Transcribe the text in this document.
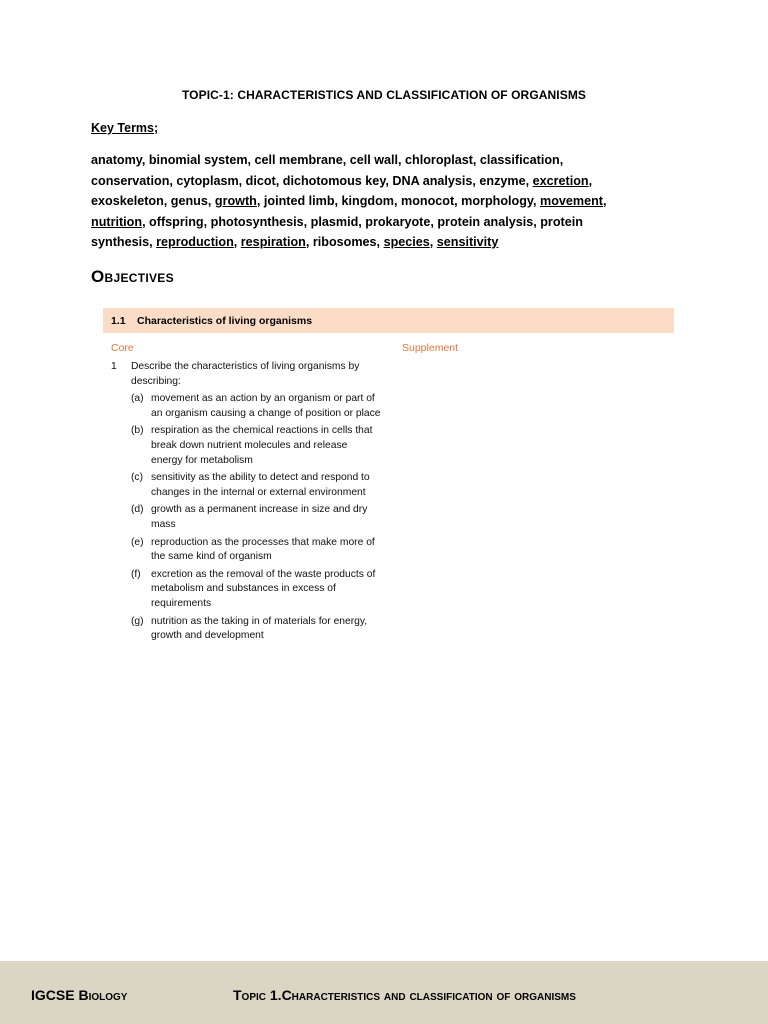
TOPIC-1: CHARACTERISTICS AND CLASSIFICATION OF ORGANISMS
Key Terms;
anatomy, binomial system, cell membrane, cell wall, chloroplast, classification,
conservation, cytoplasm, dicot, dichotomous key, DNA analysis, enzyme, excretion,
exoskeleton, genus, growth, jointed limb, kingdom, monocot, morphology, movement,
nutrition, offspring, photosynthesis, plasmid, prokaryote, protein analysis, protein
synthesis, reproduction, respiration, ribosomes, species, sensitivity
Objectives
1.1	Characteristics of living organisms
Core	Supplement
1	Describe the characteristics of living organisms by describing:
(a) movement as an action by an organism or part of an organism causing a change of position or place
(b) respiration as the chemical reactions in cells that break down nutrient molecules and release energy for metabolism
(c) sensitivity as the ability to detect and respond to changes in the internal or external environment
(d) growth as a permanent increase in size and dry mass
(e) reproduction as the processes that make more of the same kind of organism
(f) excretion as the removal of the waste products of metabolism and substances in excess of requirements
(g) nutrition as the taking in of materials for energy, growth and development
IGCSE Biology	Topic 1.Characteristics and classification of organisms
